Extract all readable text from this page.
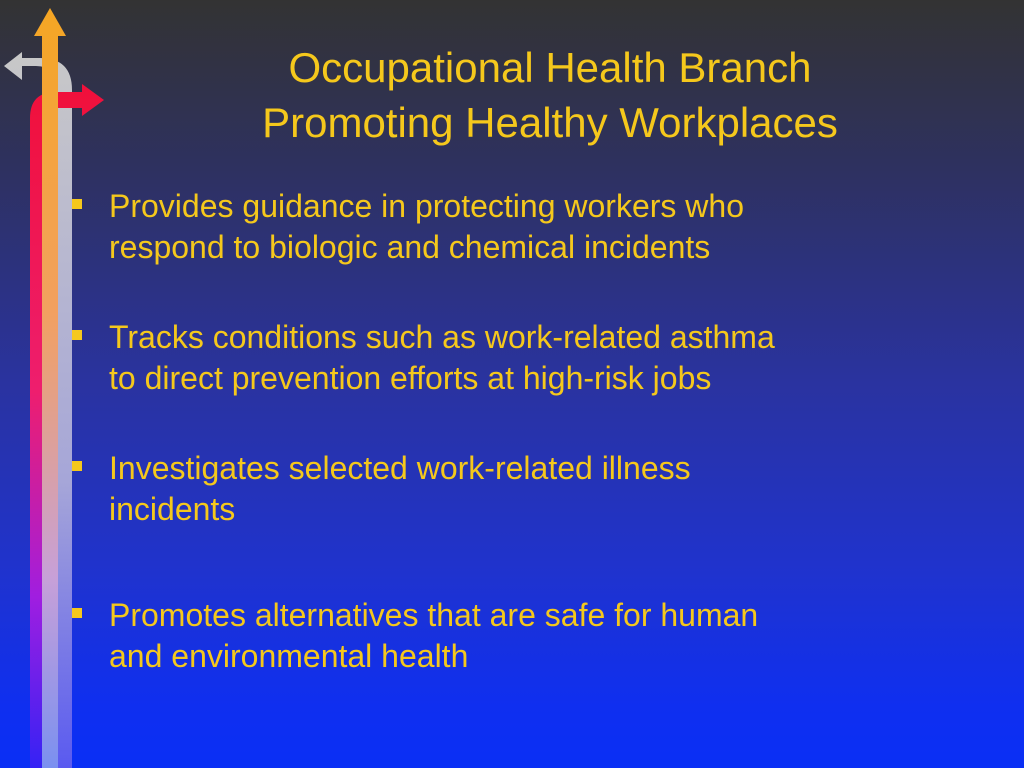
Occupational Health Branch
Promoting Healthy Workplaces
Provides guidance in protecting workers who
respond to biologic and chemical incidents
Tracks conditions such as work-related asthma
to direct prevention efforts at high-risk jobs
Investigates selected work-related illness
incidents
Promotes alternatives that are safe for human
and environmental health
